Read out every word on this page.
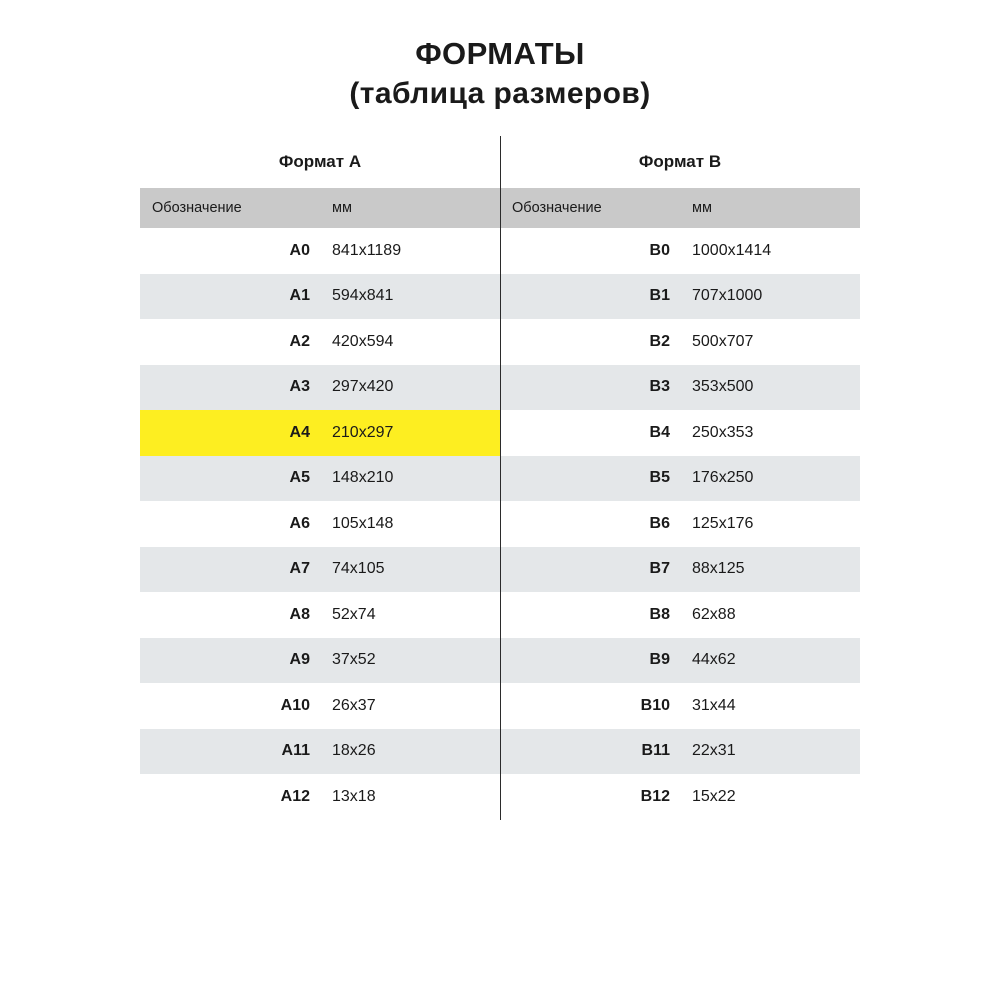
ФОРМАТЫ
(таблица размеров)
Формат А	
Обозначение	мм
А0	841x1189
А1	594x841
А2	420x594
А3	297x420
А4	210x297
А5	148x210
А6	105x148
А7	74x105
А8	52x74
А9	37x52
А10	26x37
А11	18x26
А12	13x18
Формат В	
Обозначение	мм
В0	1000x1414
В1	707x1000
В2	500x707
В3	353x500
В4	250x353
В5	176x250
В6	125x176
В7	88x125
В8	62x88
В9	44x62
В10	31x44
В11	22x31
В12	15x22
